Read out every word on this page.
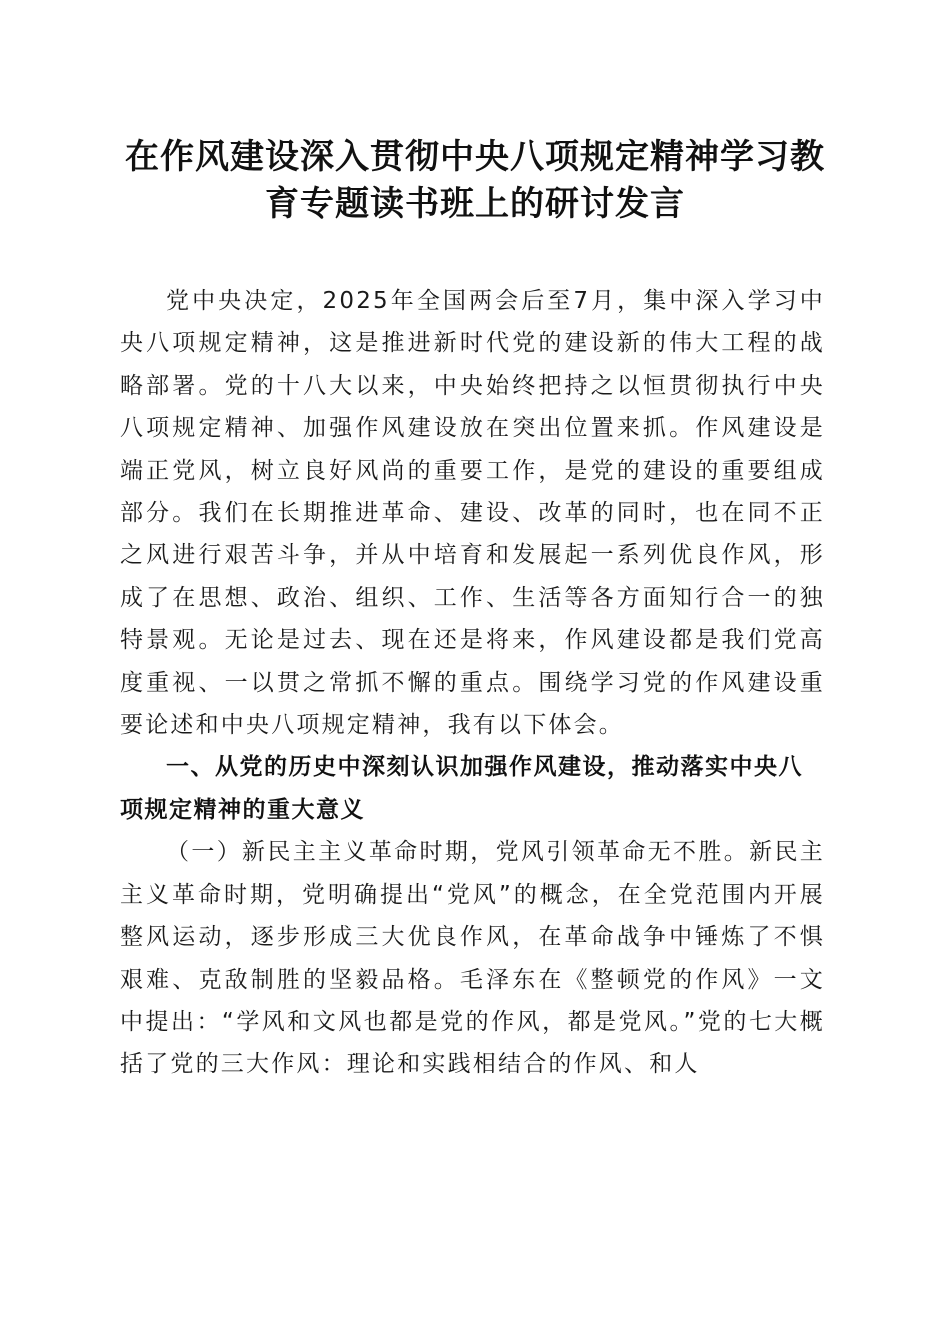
在作风建设深入贯彻中央八项规定精神学习教育专题读书班上的研讨发言

党中央决定，2025年全国两会后至7月，集中深入学习中央八项规定精神，这是推进新时代党的建设新的伟大工程的战略部署。党的十八大以来，中央始终把持之以恒贯彻执行中央八项规定精神、加强作风建设放在突出位置来抓。作风建设是端正党风，树立良好风尚的重要工作，是党的建设的重要组成部分。我们在长期推进革命、建设、改革的同时，也在同不正之风进行艰苦斗争，并从中培育和发展起一系列优良作风，形成了在思想、政治、组织、工作、生活等各方面知行合一的独特景观。无论是过去、现在还是将来，作风建设都是我们党高度重视、一以贯之常抓不懈的重点。围绕学习党的作风建设重要论述和中央八项规定精神，我有以下体会。

一、从党的历史中深刻认识加强作风建设，推动落实中央八项规定精神的重大意义

（一）新民主主义革命时期，党风引领革命无不胜。新民主主义革命时期，党明确提出“党风”的概念，在全党范围内开展整风运动，逐步形成三大优良作风，在革命战争中锤炼了不惧艰难、克敌制胜的坚毅品格。毛泽东在《整顿党的作风》一文中提出：“学风和文风也都是党的作风，都是党风。”党的七大概括了党的三大作风：理论和实践相结合的作风、和人
